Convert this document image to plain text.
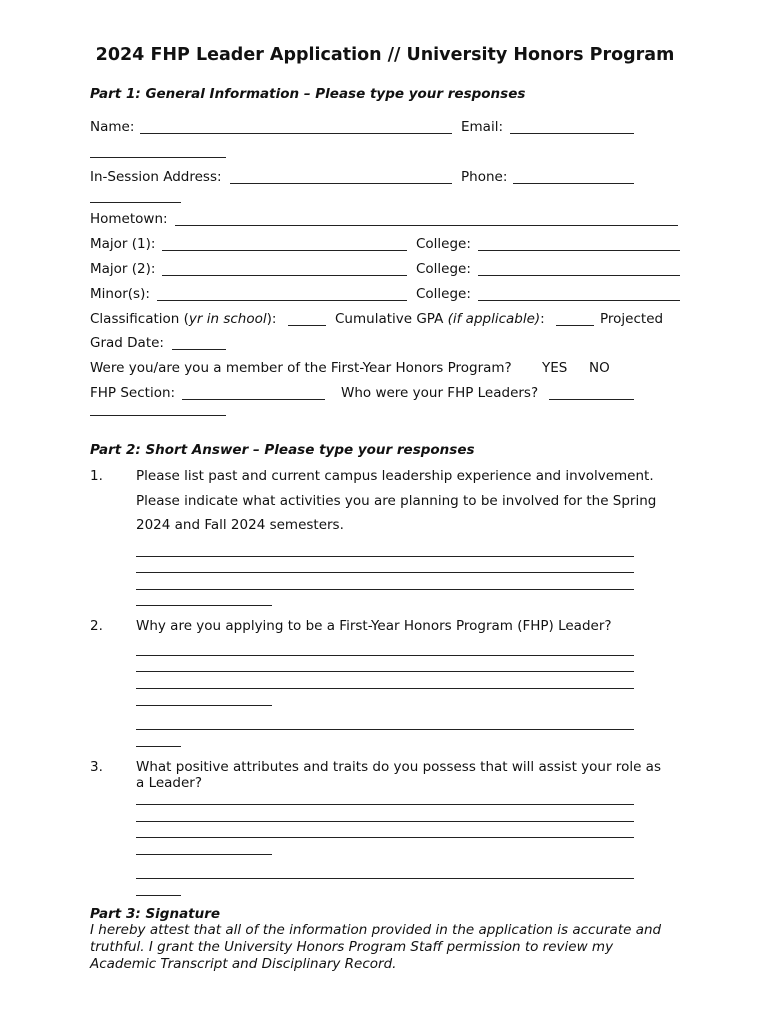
2024 FHP Leader Application // University Honors Program
Part 1: General Information – Please type your responses
Name:	Email:
In-Session Address:	Phone:
Hometown:
Major (1):	College:
Major (2):	College:
Minor(s):	College:
Classification (yr in school):	Cumulative GPA (if applicable):	Projected
Grad Date:
Were you/are you a member of the First-Year Honors Program? YES NO
FHP Section:	Who were your FHP Leaders?
Part 2: Short Answer – Please type your responses
1. Please list past and current campus leadership experience and involvement.
Please indicate what activities you are planning to be involved for the Spring
2024 and Fall 2024 semesters.
2. Why are you applying to be a First-Year Honors Program (FHP) Leader?
3. What positive attributes and traits do you possess that will assist your role as
a Leader?
Part 3: Signature
I hereby attest that all of the information provided in the application is accurate and
truthful. I grant the University Honors Program Staff permission to review my
Academic Transcript and Disciplinary Record.
